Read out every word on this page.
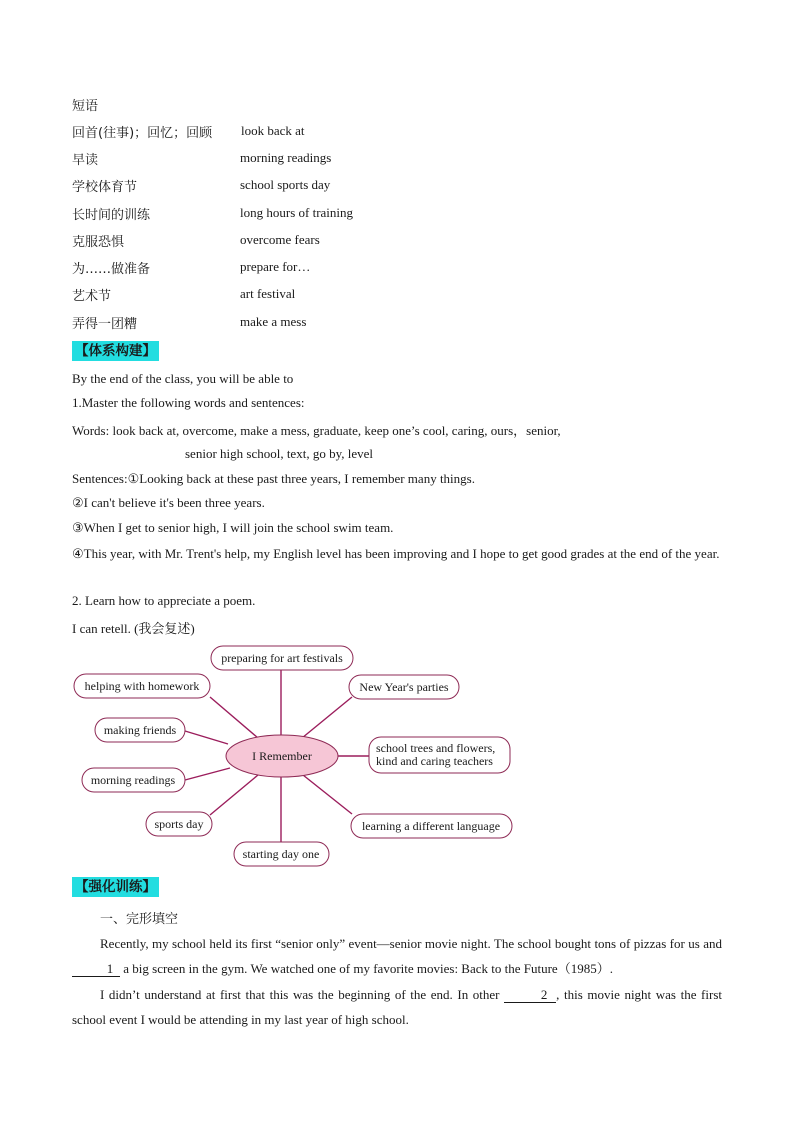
短语
回首(往事)；回忆；回顾 look back at
早读	morning readings
学校体育节	school sports day
长时间的训练	long hours of training
克服恐惧	overcome fears
为……做准备	prepare for…
艺术节	art festival
弄得一团糟	make a mess
【体系构建】
By the end of the class, you will be able to
1.Master the following words and sentences:
Words: look back at, overcome, make a mess, graduate, keep one’s cool, caring, ours，senior,
senior high school, text, go by, level
Sentences:①Looking back at these past three years, I remember many things.
②I can't believe it's been three years.
③When I get to senior high, I will join the school swim team.
④This year, with Mr. Trent's help, my English level has been improving and I hope to get good grades at the end of the year.
2. Learn how to appreciate a poem.
I can retell. (我会复述)
I Remember
preparing for art festivals
helping with homework	New Year's parties
making friends
school trees and flowers,
kind and caring teachers
morning readings
sports day	learning a different language
starting day one
【强化训练】
一、完形填空
Recently, my school held its first “senior only” event—senior movie night. The school bought tons of pizzas for us and 1 a big screen in the gym. We watched one of my favorite movies: Back to the Future（1985）.
I didn’t understand at first that this was the beginning of the end. In other	2 , this movie night was the first school event I would be attending in my last year of high school.
